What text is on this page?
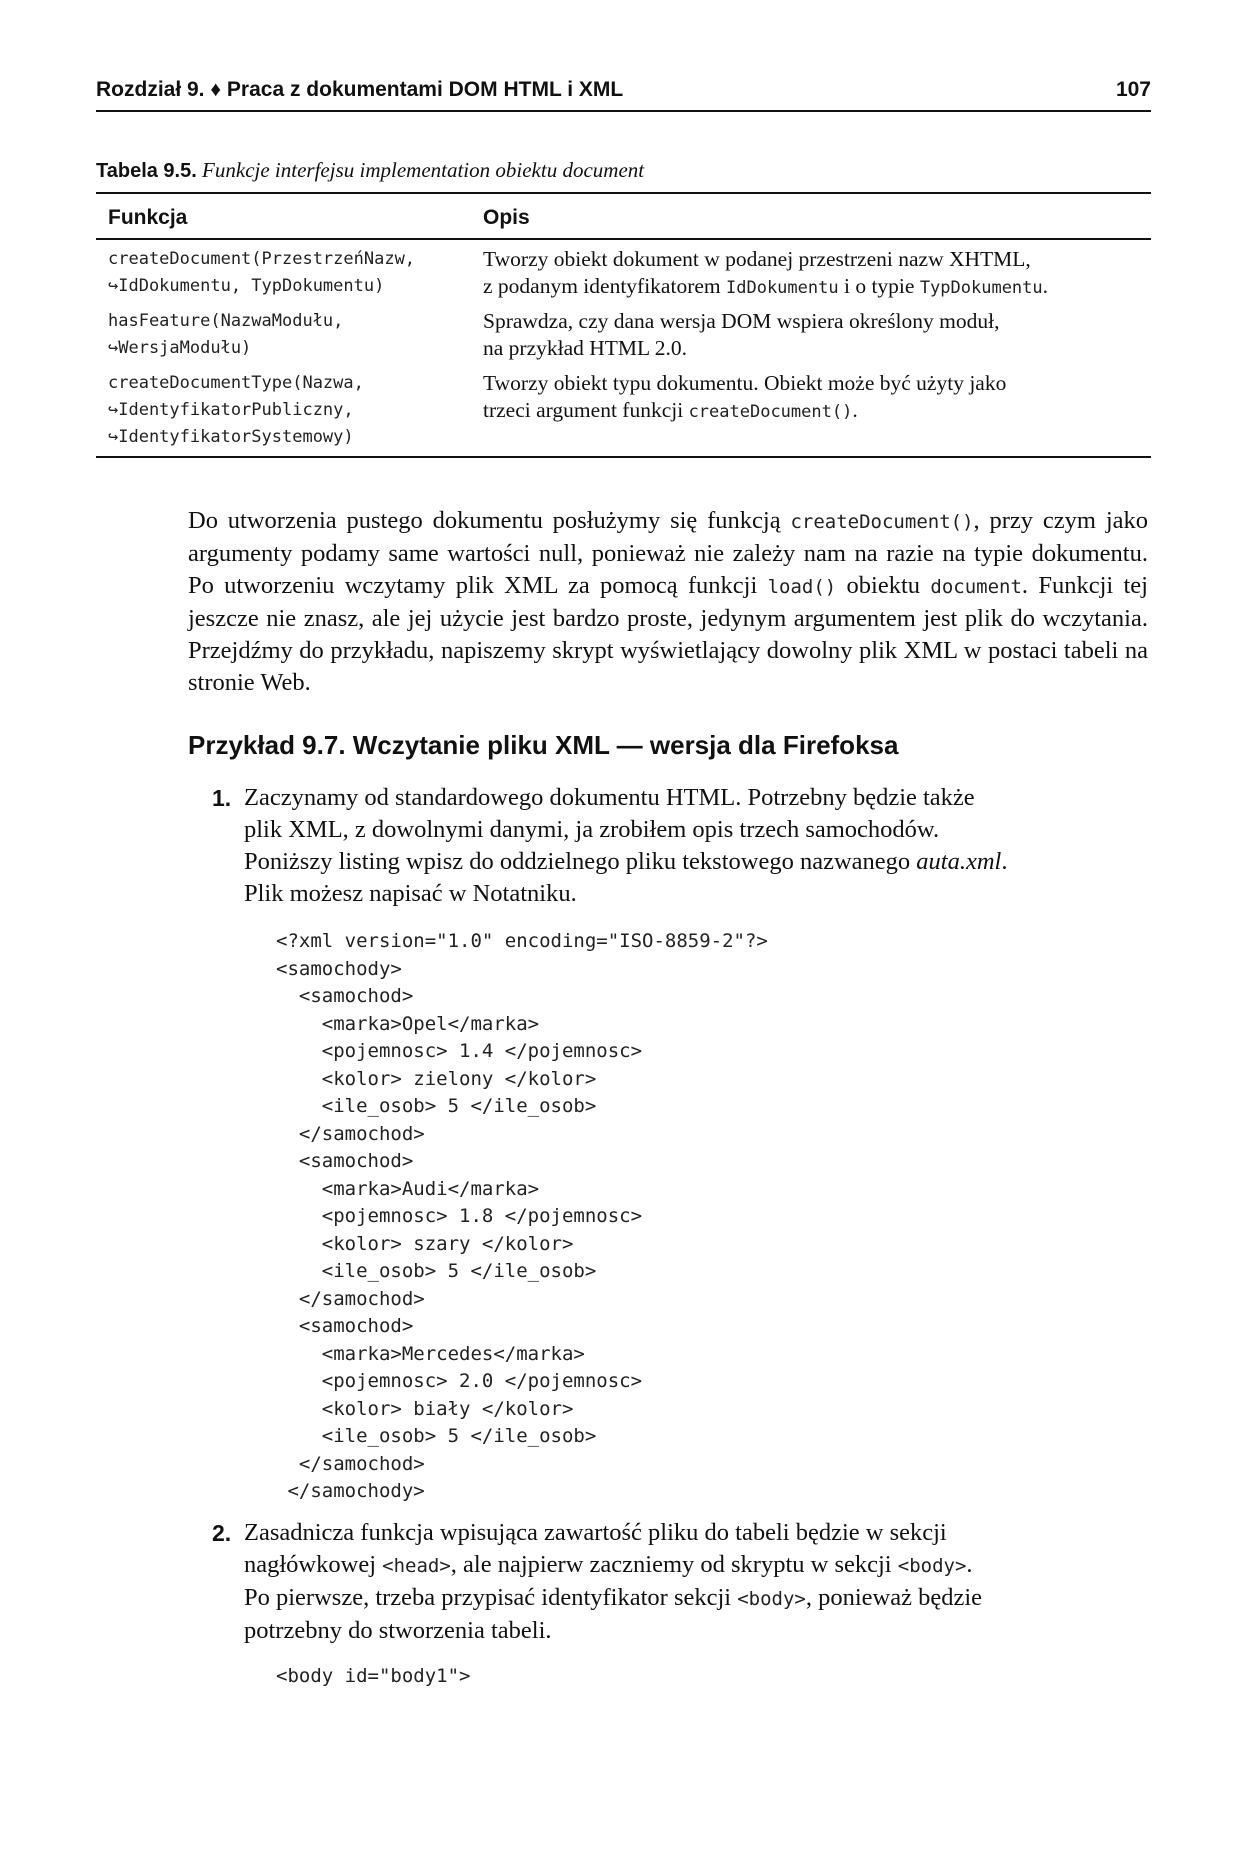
Rozdział 9. ♦ Praca z dokumentami DOM HTML i XML	107
Tabela 9.5. Funkcje interfejsu implementation obiektu document
Funkcja	Opis
createDocument(PrzestrzeńNazw,
↪IdDokumentu, TypDokumentu)
Tworzy obiekt dokument w podanej przestrzeni nazw XHTML,
z podanym identyfikatorem IdDokumentu i o typie TypDokumentu.
hasFeature(NazwaModułu,
↪WersjaModułu)
Sprawdza, czy dana wersja DOM wspiera określony moduł,
na przykład HTML 2.0.
createDocumentType(Nazwa,
↪IdentyfikatorPubliczny,
↪IdentyfikatorSystemowy)
Tworzy obiekt typu dokumentu. Obiekt może być użyty jako
trzeci argument funkcji createDocument().
Do utworzenia pustego dokumentu posłużymy się funkcją createDocument(), przy czym jako argumenty podamy same wartości null, ponieważ nie zależy nam na razie na typie dokumentu. Po utworzeniu wczytamy plik XML za pomocą funkcji load() obiektu document. Funkcji tej jeszcze nie znasz, ale jej użycie jest bardzo proste, jedynym argumentem jest plik do wczytania. Przejdźmy do przykładu, napiszemy skrypt wyświetlający dowolny plik XML w postaci tabeli na stronie Web.
Przykład 9.7. Wczytanie pliku XML — wersja dla Firefoksa
1. Zaczynamy od standardowego dokumentu HTML. Potrzebny będzie także
plik XML, z dowolnymi danymi, ja zrobiłem opis trzech samochodów.
Poniższy listing wpisz do oddzielnego pliku tekstowego nazwanego auta.xml.
Plik możesz napisać w Notatniku.
<?xml version="1.0" encoding="ISO-8859-2"?>
<samochody>
<samochod>
<marka>Opel</marka>
<pojemnosc> 1.4 </pojemnosc>
<kolor> zielony </kolor>
<ile_osob> 5 </ile_osob>
</samochod>
<samochod>
<marka>Audi</marka>
<pojemnosc> 1.8 </pojemnosc>
<kolor> szary </kolor>
<ile_osob> 5 </ile_osob>
</samochod>
<samochod>
<marka>Mercedes</marka>
<pojemnosc> 2.0 </pojemnosc>
<kolor> biały </kolor>
<ile_osob> 5 </ile_osob>
</samochod>
</samochody>
2. Zasadnicza funkcja wpisująca zawartość pliku do tabeli będzie w sekcji
nagłówkowej <head>, ale najpierw zaczniemy od skryptu w sekcji <body>.
Po pierwsze, trzeba przypisać identyfikator sekcji <body>, ponieważ będzie
potrzebny do stworzenia tabeli.
<body id="body1">
